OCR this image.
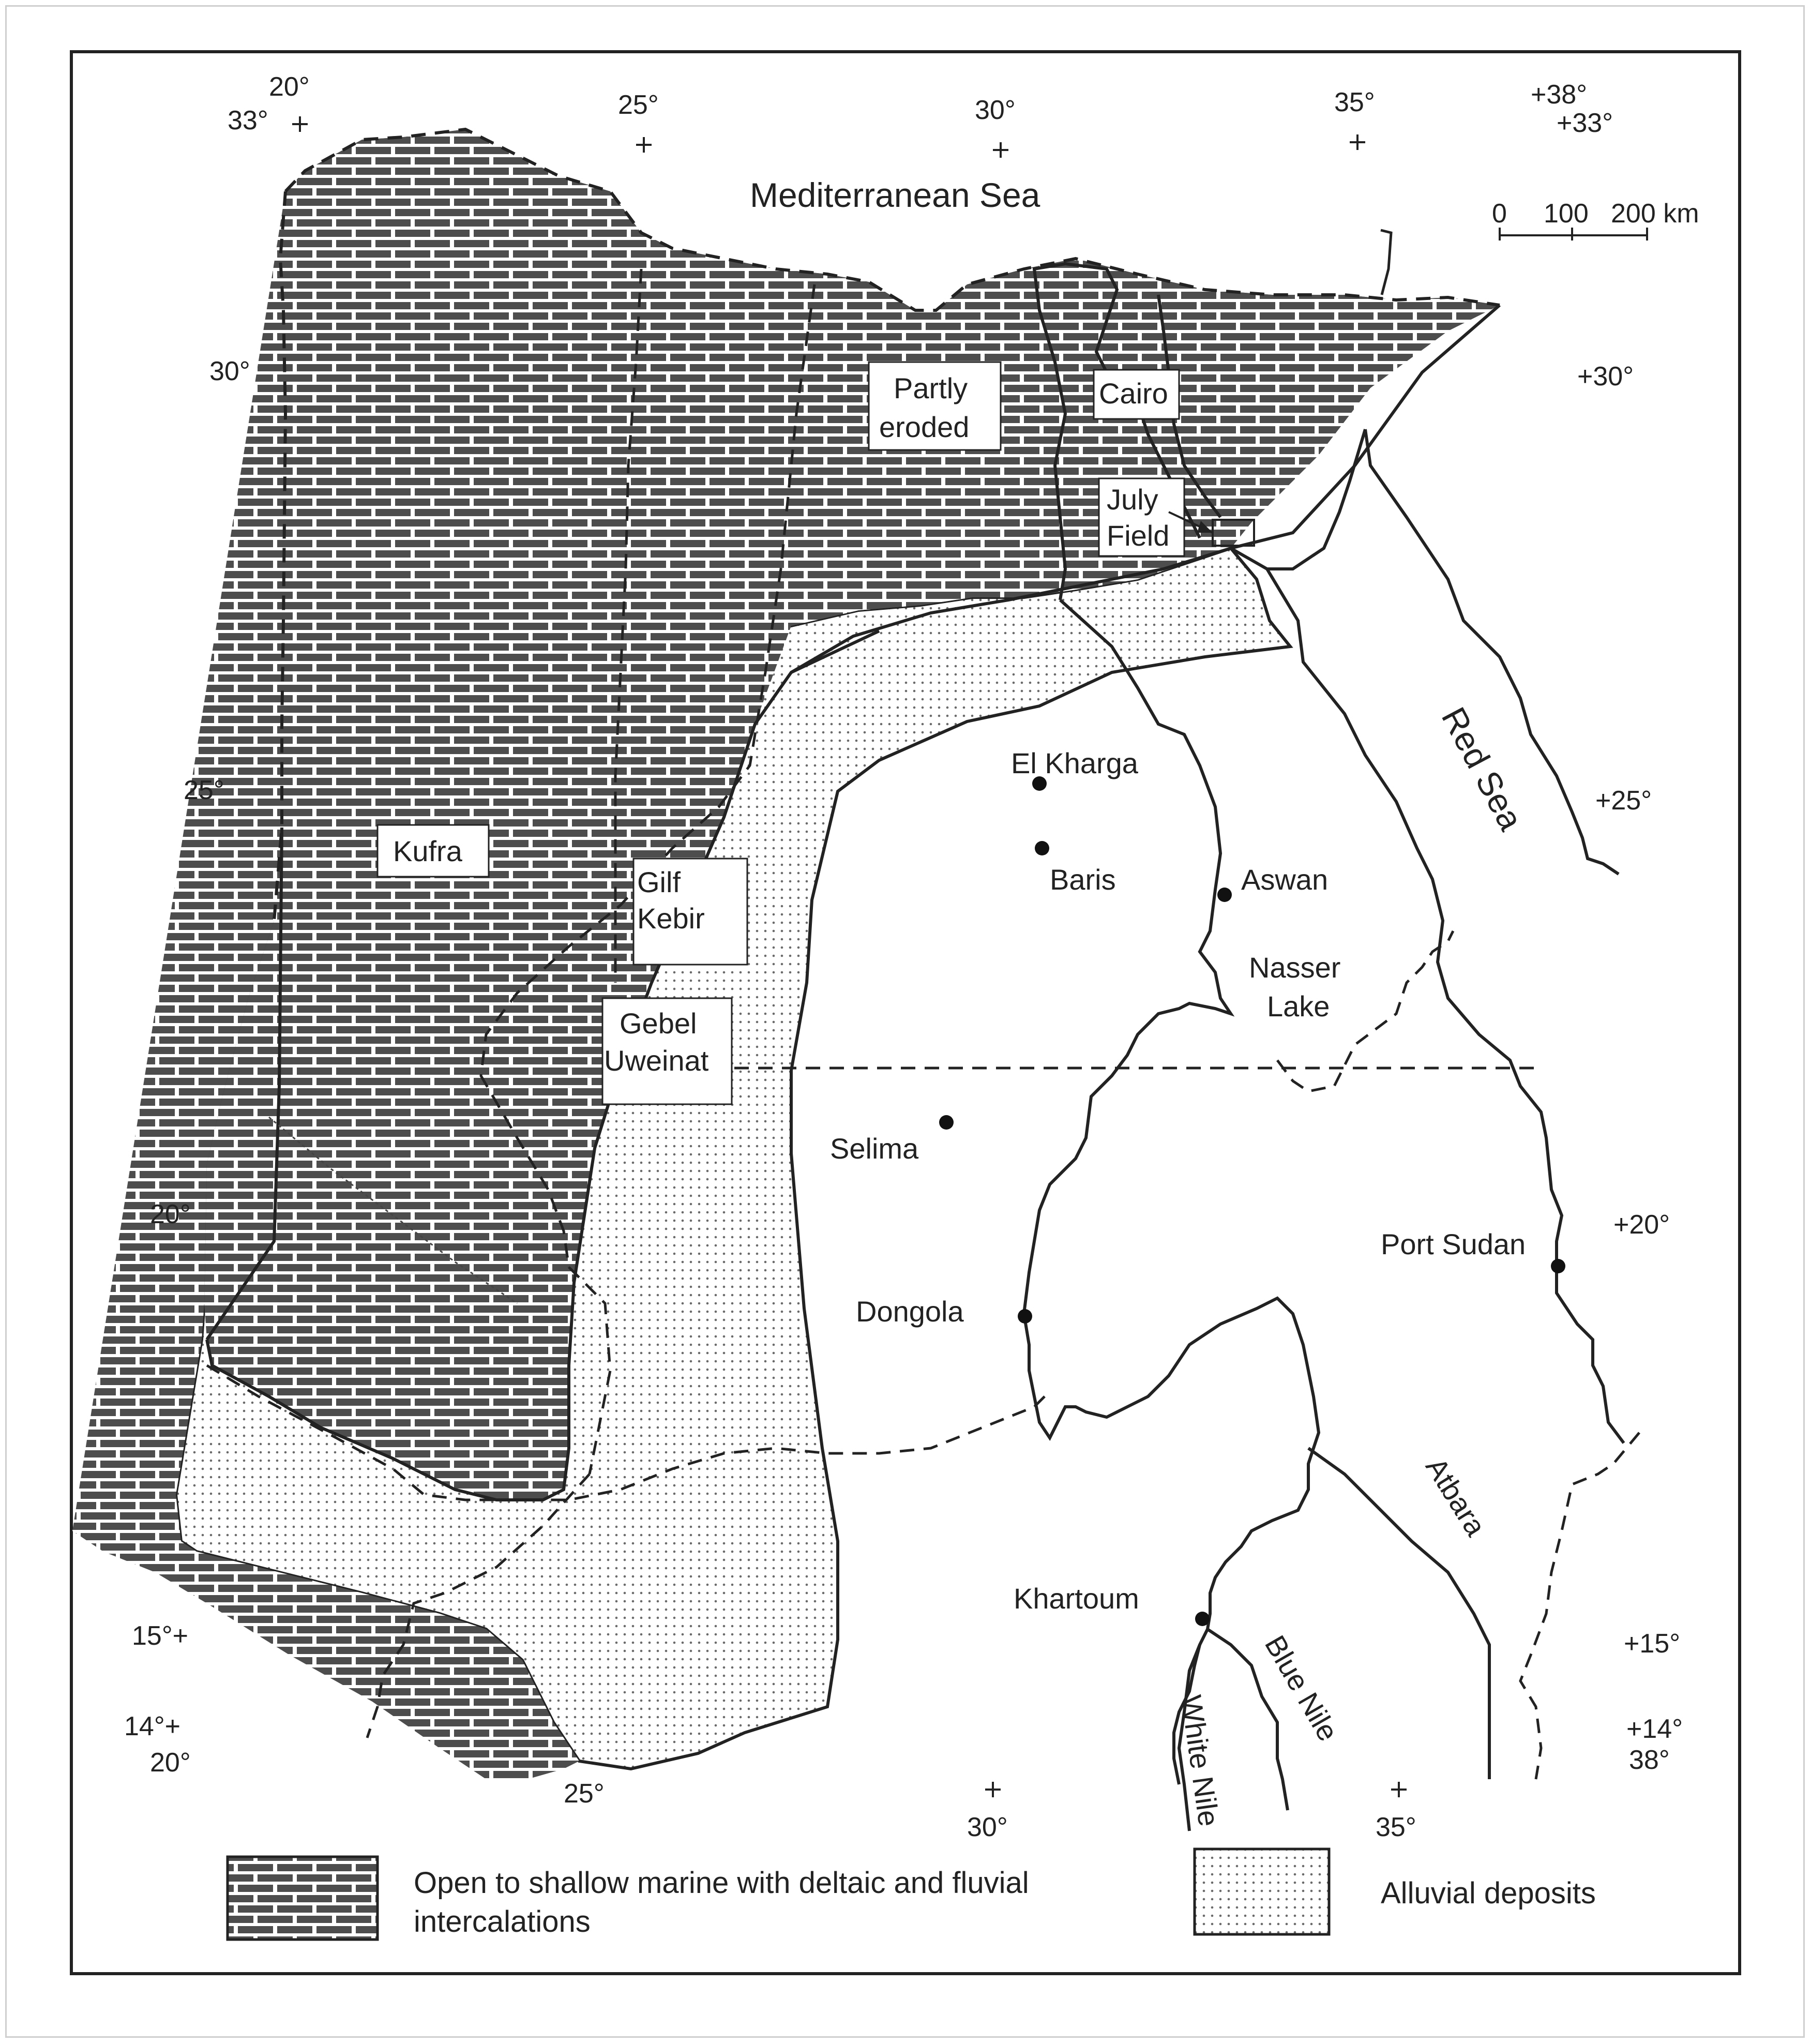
20°
33°
25°	30°	35°	+38°
+33°
30°
25°
20°
15°+
14°+
20°
25°
30°	35°
+30°
+25°
+20°
+15°
+14°
38°
Mediterranean Sea
Red Sea
0 100 200 km
Partly
eroded
Cairo
July
Field
Kufra
Gilf
Kebir
Gebel
Uweinat
El Kharga
Baris	Aswan
Nasser
Lake
Selima
Dongola
Port Sudan
Khartoum
Atbara
White Nile
Blue Nile
Open to shallow marine with deltaic and fluvial
intercalations
Alluvial deposits
